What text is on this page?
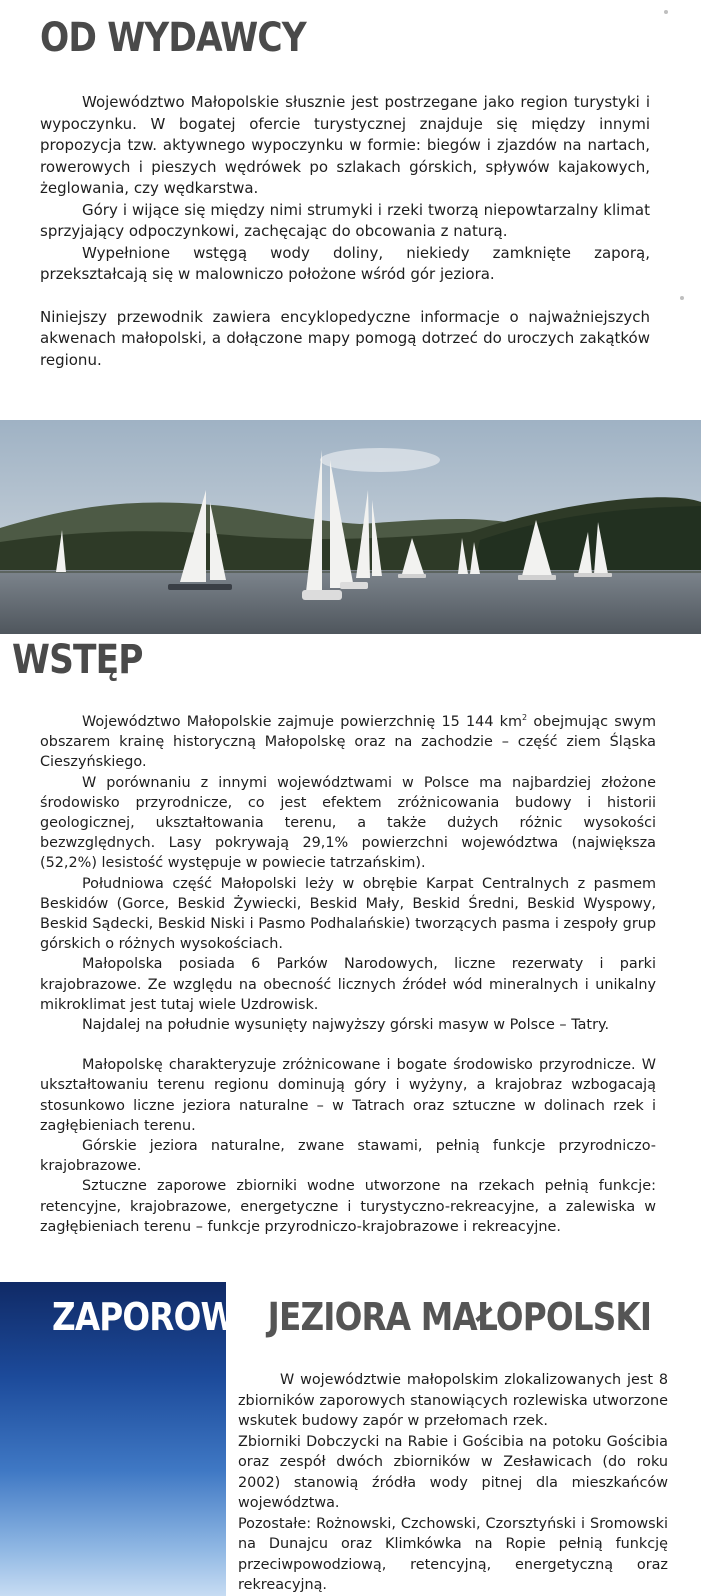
OD WYDAWCY

Województwo Małopolskie słusznie jest postrzegane jako region turystyki i wypoczynku. W bogatej ofercie turystycznej znajduje się między innymi propozycja tzw. aktywnego wypoczynku w formie: biegów i zjazdów na nartach, rowerowych i pieszych wędrówek po szlakach górskich, spływów kajakowych, żeglowania, czy wędkarstwa.

Góry i wijące się między nimi strumyki i rzeki tworzą niepowtarzalny klimat sprzyjający odpoczynkowi, zachęcając do obcowania z naturą.

Wypełnione wstęgą wody doliny, niekiedy zamknięte zaporą, przekształcają się w malowniczo położone wśród gór jeziora.

Niniejszy przewodnik zawiera encyklopedyczne informacje o najważniejszych akwenach małopolski, a dołączone mapy pomogą dotrzeć do uroczych zakątków regionu.

WSTĘP

Województwo Małopolskie zajmuje powierzchnię 15 144 $km^2$ obejmując swym obszarem krainę historyczną Małopolskę oraz na zachodzie – część ziem Śląska Cieszyńskiego.

W porównaniu z innymi województwami w Polsce ma najbardziej złożone środowisko przyrodnicze, co jest efektem zróżnicowania budowy i historii geologicznej, ukształtowania terenu, a także dużych różnic wysokości bezwzględnych. Lasy pokrywają 29,1% powierzchni województwa (największa (52,2%) lesistość występuje w powiecie tatrzańskim).

Południowa część Małopolski leży w obrębie Karpat Centralnych z pasmem Beskidów (Gorce, Beskid Żywiecki, Beskid Mały, Beskid Średni, Beskid Wyspowy, Beskid Sądecki, Beskid Niski i Pasmo Podhalańskie) tworzących pasma i zespoły grup górskich o różnych wysokościach.

Małopolska posiada 6 Parków Narodowych, liczne rezerwaty i parki krajobrazowe. Ze względu na obecność licznych źródeł wód mineralnych i unikalny mikroklimat jest tutaj wiele Uzdrowisk.

Najdalej na południe wysunięty najwyższy górski masyw w Polsce – Tatry.

Małopolskę charakteryzuje zróżnicowane i bogate środowisko przyrodnicze. W ukształtowaniu terenu regionu dominują góry i wyżyny, a krajobraz wzbogacają stosunkowo liczne jeziora naturalne – w Tatrach oraz sztuczne w dolinach rzek i zagłębieniach terenu.

Górskie jeziora naturalne, zwane stawami, pełnią funkcje przyrodniczo-krajobrazowe.

Sztuczne zaporowe zbiorniki wodne utworzone na rzekach pełnią funkcje: retencyjne, krajobrazowe, energetyczne i turystyczno-rekreacyjne, a zalewiska w zagłębieniach terenu – funkcje przyrodniczo-krajobrazowe i rekreacyjne.

ZAPOROWE JEZIORA MAŁOPOLSKI

W województwie małopolskim zlokalizowanych jest 8 zbiorników zaporowych stanowiących rozlewiska utworzone wskutek budowy zapór w przełomach rzek.

Zbiorniki Dobczycki na Rabie i Gościbia na potoku Gościbia oraz zespół dwóch zbiorników w Zesławicach (do roku 2002) stanowią źródła wody pitnej dla mieszkańców województwa.

Pozostałe: Rożnowski, Czchowski, Czorsztyński i Sromowski na Dunajcu oraz Klimkówka na Ropie pełnią funkcję przeciwpowodziową, retencyjną, energetyczną oraz rekreacyjną.
